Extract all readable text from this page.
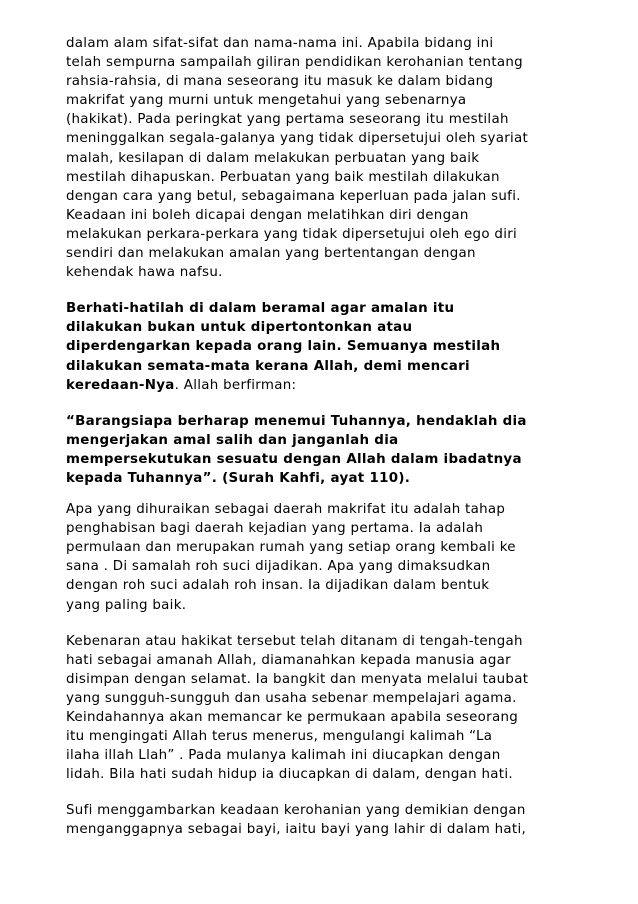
dalam alam sifat-sifat dan nama-nama ini. Apabila bidang ini
telah sempurna sampailah giliran pendidikan kerohanian tentang
rahsia-rahsia, di mana seseorang itu masuk ke dalam bidang
makrifat yang murni untuk mengetahui yang sebenarnya
(hakikat). Pada peringkat yang pertama seseorang itu mestilah
meninggalkan segala-galanya yang tidak dipersetujui oleh syariat
malah, kesilapan di dalam melakukan perbuatan yang baik
mestilah dihapuskan. Perbuatan yang baik mestilah dilakukan
dengan cara yang betul, sebagaimana keperluan pada jalan sufi.
Keadaan ini boleh dicapai dengan melatihkan diri dengan
melakukan perkara-perkara yang tidak dipersetujui oleh ego diri
sendiri dan melakukan amalan yang bertentangan dengan
kehendak hawa nafsu.

Berhati-hatilah di dalam beramal agar amalan itu
dilakukan bukan untuk dipertontonkan atau
diperdengarkan kepada orang lain. Semuanya mestilah
dilakukan semata-mata kerana Allah, demi mencari
keredaan-Nya. Allah berfirman:

“Barangsiapa berharap menemui Tuhannya, hendaklah dia
mengerjakan amal salih dan janganlah dia
mempersekutukan sesuatu dengan Allah dalam ibadatnya
kepada Tuhannya”. (Surah Kahfi, ayat 110).

Apa yang dihuraikan sebagai daerah makrifat itu adalah tahap
penghabisan bagi daerah kejadian yang pertama. Ia adalah
permulaan dan merupakan rumah yang setiap orang kembali ke
sana . Di samalah roh suci dijadikan. Apa yang dimaksudkan
dengan roh suci adalah roh insan. Ia dijadikan dalam bentuk
yang paling baik.

Kebenaran atau hakikat tersebut telah ditanam di tengah-tengah
hati sebagai amanah Allah, diamanahkan kepada manusia agar
disimpan dengan selamat. Ia bangkit dan menyata melalui taubat
yang sungguh-sungguh dan usaha sebenar mempelajari agama.
Keindahannya akan memancar ke permukaan apabila seseorang
itu mengingati Allah terus menerus, mengulangi kalimah “La
ilaha illah Llah” . Pada mulanya kalimah ini diucapkan dengan
lidah. Bila hati sudah hidup ia diucapkan di dalam, dengan hati.

Sufi menggambarkan keadaan kerohanian yang demikian dengan
menganggapnya sebagai bayi, iaitu bayi yang lahir di dalam hati,
